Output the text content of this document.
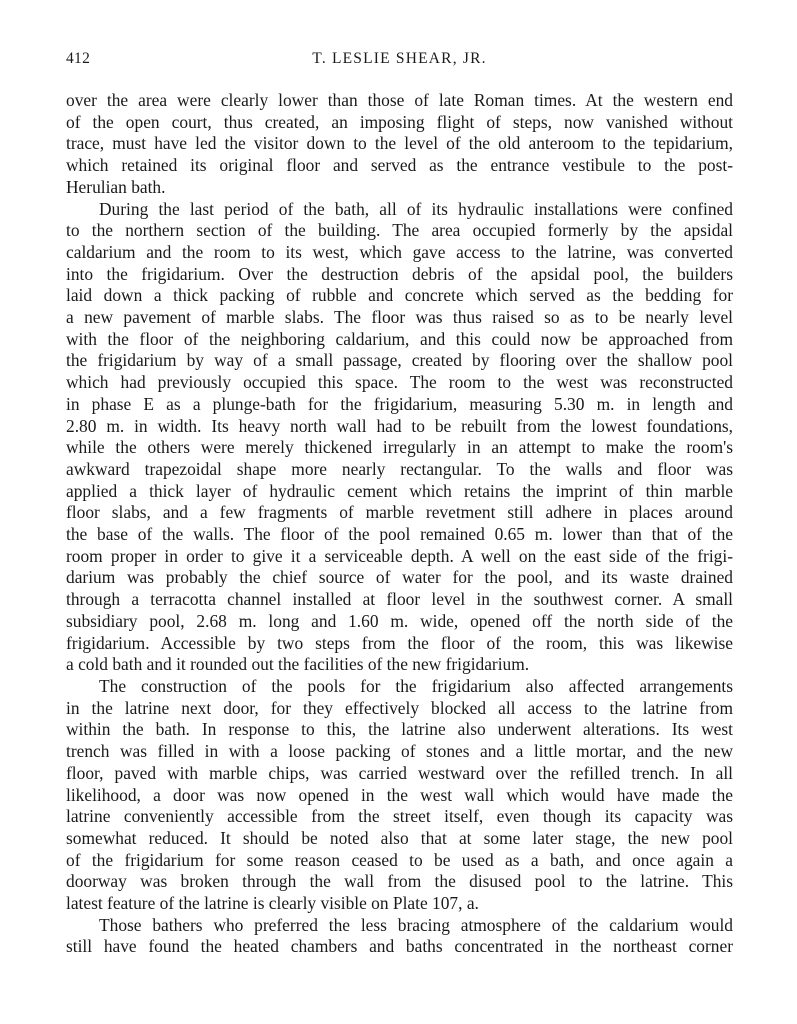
412	T. LESLIE SHEAR, JR.

over the area were clearly lower than those of late Roman times. At the western end
of the open court, thus created, an imposing flight of steps, now vanished without
trace, must have led the visitor down to the level of the old anteroom to the tepidarium,
which retained its original floor and served as the entrance vestibule to the post-
Herulian bath.

During the last period of the bath, all of its hydraulic installations were confined
to the northern section of the building. The area occupied formerly by the apsidal
caldarium and the room to its west, which gave access to the latrine, was converted
into the frigidarium. Over the destruction debris of the apsidal pool, the builders
laid down a thick packing of rubble and concrete which served as the bedding for
a new pavement of marble slabs. The floor was thus raised so as to be nearly level
with the floor of the neighboring caldarium, and this could now be approached from
the frigidarium by way of a small passage, created by flooring over the shallow pool
which had previously occupied this space. The room to the west was reconstructed
in phase E as a plunge-bath for the frigidarium, measuring 5.30 m. in length and
2.80 m. in width. Its heavy north wall had to be rebuilt from the lowest foundations,
while the others were merely thickened irregularly in an attempt to make the room's
awkward trapezoidal shape more nearly rectangular. To the walls and floor was
applied a thick layer of hydraulic cement which retains the imprint of thin marble
floor slabs, and a few fragments of marble revetment still adhere in places around
the base of the walls. The floor of the pool remained 0.65 m. lower than that of the
room proper in order to give it a serviceable depth. A well on the east side of the frigi-
darium was probably the chief source of water for the pool, and its waste drained
through a terracotta channel installed at floor level in the southwest corner. A small
subsidiary pool, 2.68 m. long and 1.60 m. wide, opened off the north side of the
frigidarium. Accessible by two steps from the floor of the room, this was likewise
a cold bath and it rounded out the facilities of the new frigidarium.

The construction of the pools for the frigidarium also affected arrangements
in the latrine next door, for they effectively blocked all access to the latrine from
within the bath. In response to this, the latrine also underwent alterations. Its west
trench was filled in with a loose packing of stones and a little mortar, and the new
floor, paved with marble chips, was carried westward over the refilled trench. In all
likelihood, a door was now opened in the west wall which would have made the
latrine conveniently accessible from the street itself, even though its capacity was
somewhat reduced. It should be noted also that at some later stage, the new pool
of the frigidarium for some reason ceased to be used as a bath, and once again a
doorway was broken through the wall from the disused pool to the latrine. This
latest feature of the latrine is clearly visible on Plate 107, a.

Those bathers who preferred the less bracing atmosphere of the caldarium would
still have found the heated chambers and baths concentrated in the northeast corner
